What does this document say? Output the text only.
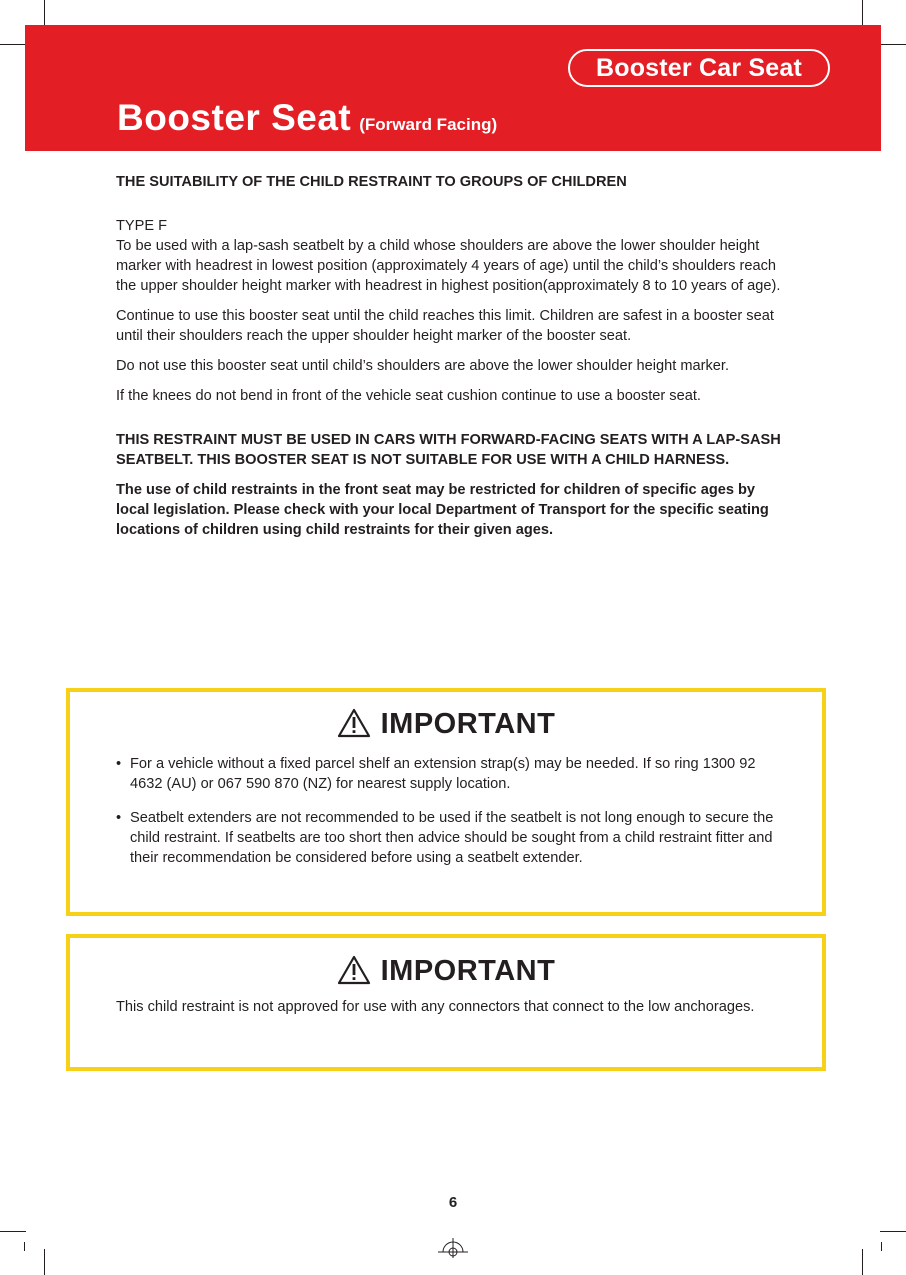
Booster Car Seat
Booster Seat (Forward Facing)

THE SUITABILITY OF THE CHILD RESTRAINT TO GROUPS OF CHILDREN

TYPE F

To be used with a lap-sash seatbelt by a child whose shoulders are above the lower shoulder height marker with headrest in lowest position (approximately 4 years of age) until the child’s shoulders reach the upper shoulder height marker with headrest in highest position(approximately 8 to 10 years of age).

Continue to use this booster seat until the child reaches this limit. Children are safest in a booster seat until their shoulders reach the upper shoulder height marker of the booster seat.

Do not use this booster seat until child’s shoulders are above the lower shoulder height marker.

If the knees do not bend in front of the vehicle seat cushion continue to use a booster seat.

THIS RESTRAINT MUST BE USED IN CARS WITH FORWARD-FACING SEATS WITH A LAP-SASH SEATBELT. THIS BOOSTER SEAT IS NOT SUITABLE FOR USE WITH A CHILD HARNESS.

The use of child restraints in the front seat may be restricted for children of specific ages by local legislation. Please check with your local Department of Transport for the specific seating locations of children using child restraints for their given ages.

IMPORTANT

• For a vehicle without a fixed parcel shelf an extension strap(s) may be needed. If so ring 1300 92 4632 (AU) or 067 590 870 (NZ) for nearest supply location.

• Seatbelt extenders are not recommended to be used if the seatbelt is not long enough to secure the child restraint. If seatbelts are too short then advice should be sought from a child restraint fitter and their recommendation be considered before using a seatbelt extender.

IMPORTANT

This child restraint is not approved for use with any connectors that connect to the low anchorages.

6
